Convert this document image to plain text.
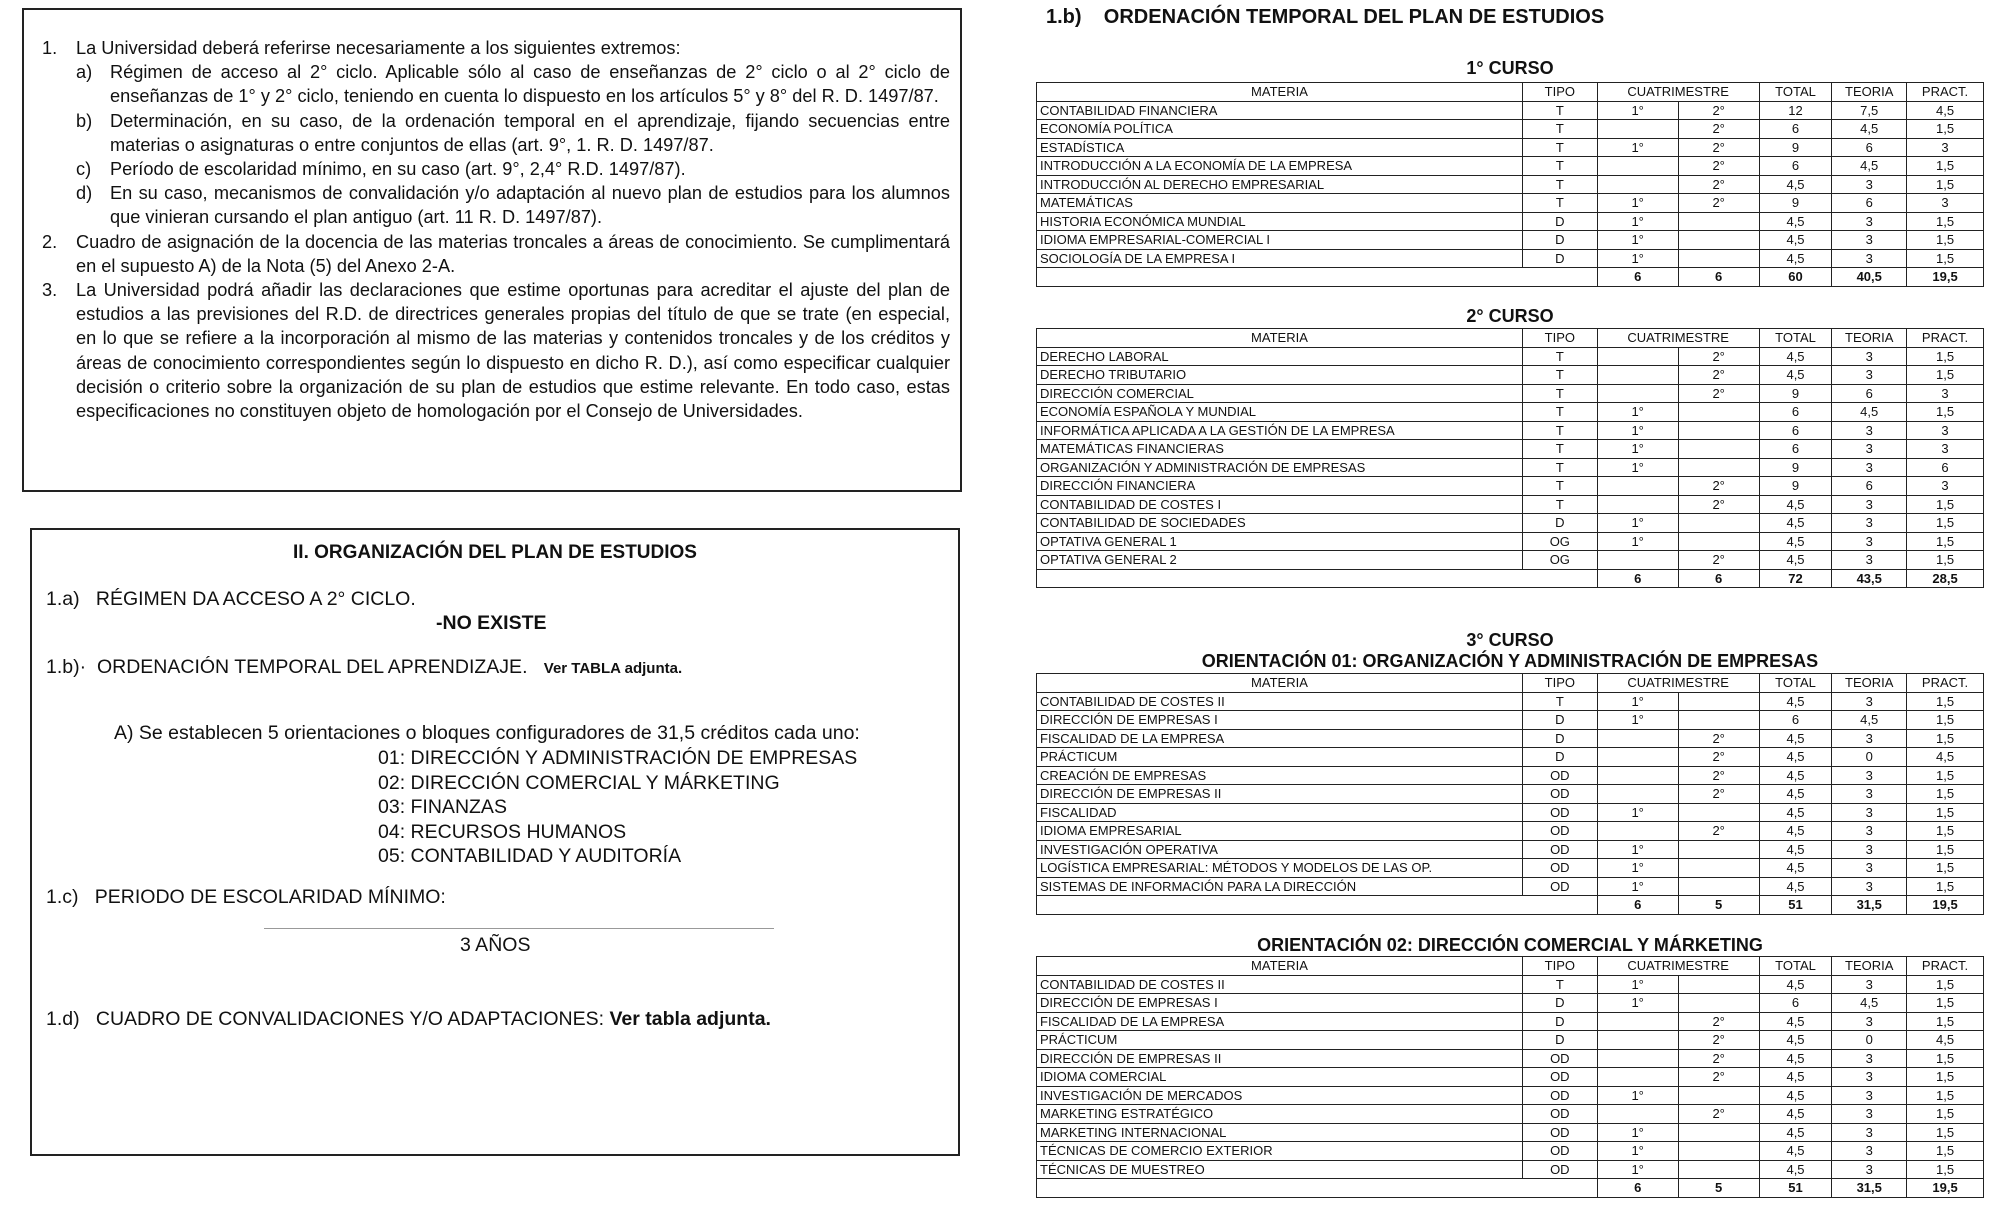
1.	La Universidad deberá referirse necesariamente a los siguientes extremos:
a) Régimen de acceso al 2° ciclo. Aplicable sólo al caso de enseñanzas de 2° ciclo o al 2° ciclo de enseñanzas de 1° y 2° ciclo, teniendo en cuenta lo dispuesto en los artículos 5° y 8° del R. D. 1497/87.
b) Determinación, en su caso, de la ordenación temporal en el aprendizaje, fijando secuencias entre materias o asignaturas o entre conjuntos de ellas (art. 9°, 1. R. D. 1497/87.
c)	Período de escolaridad mínimo, en su caso (art. 9°, 2,4° R.D. 1497/87).
d) En su caso, mecanismos de convalidación y/o adaptación al nuevo plan de estudios para los alumnos que vinieran cursando el plan antiguo (art. 11 R. D. 1497/87).
2.	Cuadro de asignación de la docencia de las materias troncales a áreas de conocimiento. Se cumplimentará en el supuesto A) de la Nota (5) del Anexo 2-A.
3.	La Universidad podrá añadir las declaraciones que estime oportunas para acreditar el ajuste del plan de estudios a las previsiones del R.D. de directrices generales propias del título de que se trate (en especial, en lo que se refiere a la incorporación al mismo de las materias y contenidos troncales y de los créditos y áreas de conocimiento correspondientes según lo dispuesto en dicho R. D.), así como especificar cualquier decisión o criterio sobre la organización de su plan de estudios que estime relevante. En todo caso, estas especificaciones no constituyen objeto de homologación por el Consejo de Universidades.
II. ORGANIZACIÓN DEL PLAN DE ESTUDIOS
1.a) RÉGIMEN DA ACCESO A 2° CICLO.
-NO EXISTE
1.b)· ORDENACIÓN TEMPORAL DEL APRENDIZAJE. Ver TABLA adjunta.
A) Se establecen 5 orientaciones o bloques configuradores de 31,5 créditos cada uno:
01: DIRECCIÓN Y ADMINISTRACIÓN DE EMPRESAS
02: DIRECCIÓN COMERCIAL Y MÁRKETING
03: FINANZAS
04: RECURSOS HUMANOS
05: CONTABILIDAD Y AUDITORÍA
1.c) PERIODO DE ESCOLARIDAD MÍNIMO:
3 AÑOS
1.d) CUADRO DE CONVALIDACIONES Y/O ADAPTACIONES: Ver tabla adjunta.
1.b) ORDENACIÓN TEMPORAL DEL PLAN DE ESTUDIOS
1° CURSO
MATERIA	TIPO	CUATRIMESTRE		TOTAL	TEORIA	PRACT.
CONTABILIDAD FINANCIERA	T	1°	2°	12	7,5	4,5
ECONOMÍA POLÍTICA	T		2°	6	4,5	1,5
ESTADÍSTICA	T	1°	2°	9	6	3
INTRODUCCIÓN A LA ECONOMÍA DE LA EMPRESA	T		2°	6	4,5	1,5
INTRODUCCIÓN AL DERECHO EMPRESARIAL	T		2°	4,5	3	1,5
MATEMÁTICAS	T	1°	2°	9	6	3
HISTORIA ECONÓMICA MUNDIAL	D	1°		4,5	3	1,5
IDIOMA EMPRESARIAL-COMERCIAL I	D	1°		4,5	3	1,5
SOCIOLOGÍA DE LA EMPRESA I	D	1°		4,5	3	1,5
		6	6	60	40,5	19,5
2° CURSO
MATERIA	TIPO	CUATRIMESTRE		TOTAL	TEORIA	PRACT.
DERECHO LABORAL	T		2°	4,5	3	1,5
DERECHO TRIBUTARIO	T		2°	4,5	3	1,5
DIRECCIÓN COMERCIAL	T		2°	9	6	3
ECONOMÍA ESPAÑOLA Y MUNDIAL	T	1°		6	4,5	1,5
INFORMÁTICA APLICADA A LA GESTIÓN DE LA EMPRESA	T	1°		6	3	3
MATEMÁTICAS FINANCIERAS	T	1°		6	3	3
ORGANIZACIÓN Y ADMINISTRACIÓN DE EMPRESAS	T	1°		9	3	6
DIRECCIÓN FINANCIERA	T		2°	9	6	3
CONTABILIDAD DE COSTES I	T		2°	4,5	3	1,5
CONTABILIDAD DE SOCIEDADES	D	1°		4,5	3	1,5
OPTATIVA GENERAL 1	OG	1°		4,5	3	1,5
OPTATIVA GENERAL 2	OG		2°	4,5	3	1,5
		6	6	72	43,5	28,5
3° CURSO
ORIENTACIÓN 01: ORGANIZACIÓN Y ADMINISTRACIÓN DE EMPRESAS
MATERIA	TIPO	CUATRIMESTRE		TOTAL	TEORIA	PRACT.
CONTABILIDAD DE COSTES II	T	1°		4,5	3	1,5
DIRECCIÓN DE EMPRESAS I	D	1°		6	4,5	1,5
FISCALIDAD DE LA EMPRESA	D		2°	4,5	3	1,5
PRÁCTICUM	D		2°	4,5	0	4,5
CREACIÓN DE EMPRESAS	OD		2°	4,5	3	1,5
DIRECCIÓN DE EMPRESAS II	OD		2°	4,5	3	1,5
FISCALIDAD	OD	1°		4,5	3	1,5
IDIOMA EMPRESARIAL	OD		2°	4,5	3	1,5
INVESTIGACIÓN OPERATIVA	OD	1°		4,5	3	1,5
LOGÍSTICA EMPRESARIAL: MÉTODOS Y MODELOS DE LAS OP.	OD	1°		4,5	3	1,5
SISTEMAS DE INFORMACIÓN PARA LA DIRECCIÓN	OD	1°		4,5	3	1,5
		6	5	51	31,5	19,5
ORIENTACIÓN 02: DIRECCIÓN COMERCIAL Y MÁRKETING
MATERIA	TIPO	CUATRIMESTRE		TOTAL	TEORIA	PRACT.
CONTABILIDAD DE COSTES II	T	1°		4,5	3	1,5
DIRECCIÓN DE EMPRESAS I	D	1°		6	4,5	1,5
FISCALIDAD DE LA EMPRESA	D		2°	4,5	3	1,5
PRÁCTICUM	D		2°	4,5	0	4,5
DIRECCIÓN DE EMPRESAS II	OD		2°	4,5	3	1,5
IDIOMA COMERCIAL	OD		2°	4,5	3	1,5
INVESTIGACIÓN DE MERCADOS	OD	1°		4,5	3	1,5
MARKETING ESTRATÉGICO	OD		2°	4,5	3	1,5
MARKETING INTERNACIONAL	OD	1°		4,5	3	1,5
TÉCNICAS DE COMERCIO EXTERIOR	OD	1°		4,5	3	1,5
TÉCNICAS DE MUESTREO	OD	1°		4,5	3	1,5
		6	5	51	31,5	19,5
